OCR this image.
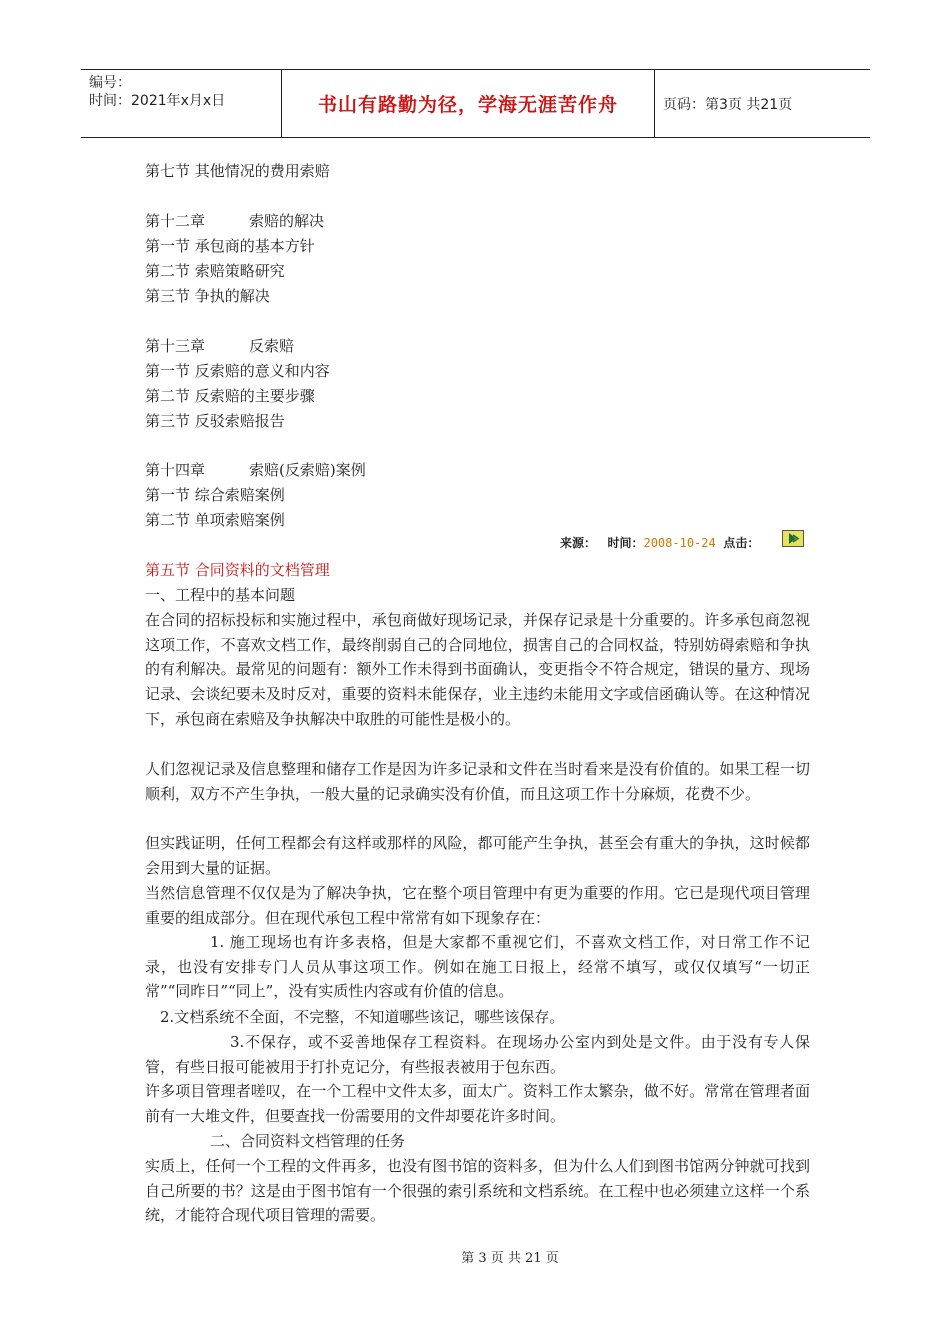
编号：
时间：2021年x月x日	书山有路勤为径，学海无涯苦作舟	页码：第3页 共21页
第七节 其他情况的费用索赔
第十二章	索赔的解决
第一节 承包商的基本方针
第二节 索赔策略研究
第三节 争执的解决
第十三章	反索赔
第一节 反索赔的意义和内容
第二节 反索赔的主要步骤
第三节 反驳索赔报告
第十四章	索赔(反索赔)案例
第一节 综合索赔案例
第二节 单项索赔案例
第五节 合同资料的文档管理
一、工程中的基本问题
来源： 时间：2008-10-24 点击：
在合同的招标投标和实施过程中，承包商做好现场记录，并保存记录是十分重要的。许多承包商忽视这项工作，不喜欢文档工作，最终削弱自己的合同地位，损害自己的合同权益，特别妨碍索赔和争执的有利解决。最常见的问题有：额外工作未得到书面确认，变更指令不符合规定，错误的量方、现场记录、会谈纪要未及时反对，重要的资料未能保存，业主违约未能用文字或信函确认等。在这种情况下，承包商在索赔及争执解决中取胜的可能性是极小的。
人们忽视记录及信息整理和储存工作是因为许多记录和文件在当时看来是没有价值的。如果工程一切顺利，双方不产生争执，一般大量的记录确实没有价值，而且这项工作十分麻烦，花费不少。
但实践证明，任何工程都会有这样或那样的风险，都可能产生争执，甚至会有重大的争执，这时候都会用到大量的证据。
当然信息管理不仅仅是为了解决争执，它在整个项目管理中有更为重要的作用。它已是现代项目管理重要的组成部分。但在现代承包工程中常常有如下现象存在：
1. 施工现场也有许多表格，但是大家都不重视它们，不喜欢文档工作，对日常工作不记录，也没有安排专门人员从事这项工作。例如在施工日报上，经常不填写，或仅仅填写“一切正常”“同昨日”“同上”，没有实质性内容或有价值的信息。
2.文档系统不全面，不完整，不知道哪些该记，哪些该保存。
3.不保存，或不妥善地保存工程资料。在现场办公室内到处是文件。由于没有专人保管，有些日报可能被用于打扑克记分，有些报表被用于包东西。
许多项目管理者嗟叹，在一个工程中文件太多，面太广。资料工作太繁杂，做不好。常常在管理者面前有一大堆文件，但要查找一份需要用的文件却要花许多时间。
二、合同资料文档管理的任务
实质上，任何一个工程的文件再多，也没有图书馆的资料多，但为什么人们到图书馆两分钟就可找到自己所要的书？这是由于图书馆有一个很强的索引系统和文档系统。在工程中也必须建立这样一个系统，才能符合现代项目管理的需要。
第 3 页 共 21 页
